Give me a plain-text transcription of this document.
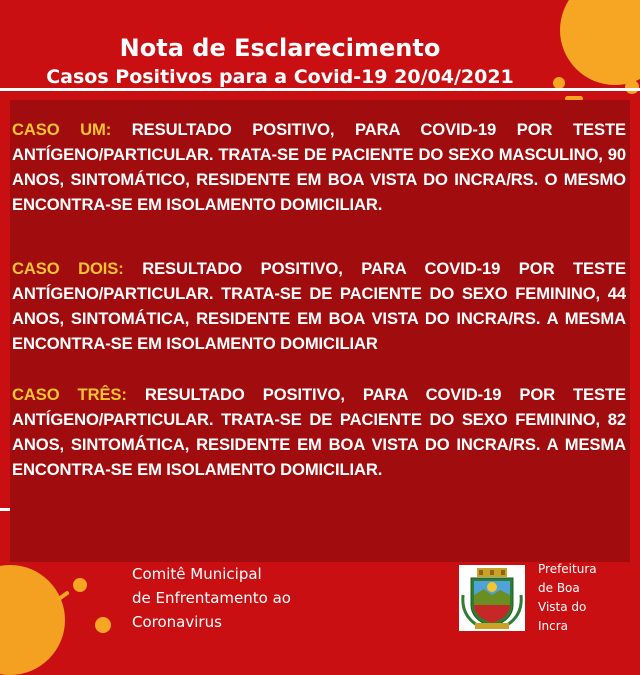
Nota de Esclarecimento
Casos Positivos para a Covid-19 20/04/2021

CASO UM: RESULTADO POSITIVO, PARA COVID-19 POR TESTE ANTÍGENO/PARTICULAR. TRATA-SE DE PACIENTE DO SEXO MASCULINO, 90 ANOS, SINTOMÁTICO, RESIDENTE EM BOA VISTA DO INCRA/RS. O MESMO ENCONTRA-SE EM ISOLAMENTO DOMICILIAR.

CASO DOIS: RESULTADO POSITIVO, PARA COVID-19 POR TESTE ANTÍGENO/PARTICULAR. TRATA-SE DE PACIENTE DO SEXO FEMININO, 44 ANOS, SINTOMÁTICA, RESIDENTE EM BOA VISTA DO INCRA/RS. A MESMA ENCONTRA-SE EM ISOLAMENTO DOMICILIAR

CASO TRÊS: RESULTADO POSITIVO, PARA COVID-19 POR TESTE ANTÍGENO/PARTICULAR. TRATA-SE DE PACIENTE DO SEXO FEMININO, 82 ANOS, SINTOMÁTICA, RESIDENTE EM BOA VISTA DO INCRA/RS. A MESMA ENCONTRA-SE EM ISOLAMENTO DOMICILIAR.

Comitê Municipal
de Enfrentamento ao
Coronavirus
Prefeitura
de Boa
Vista do
Incra
